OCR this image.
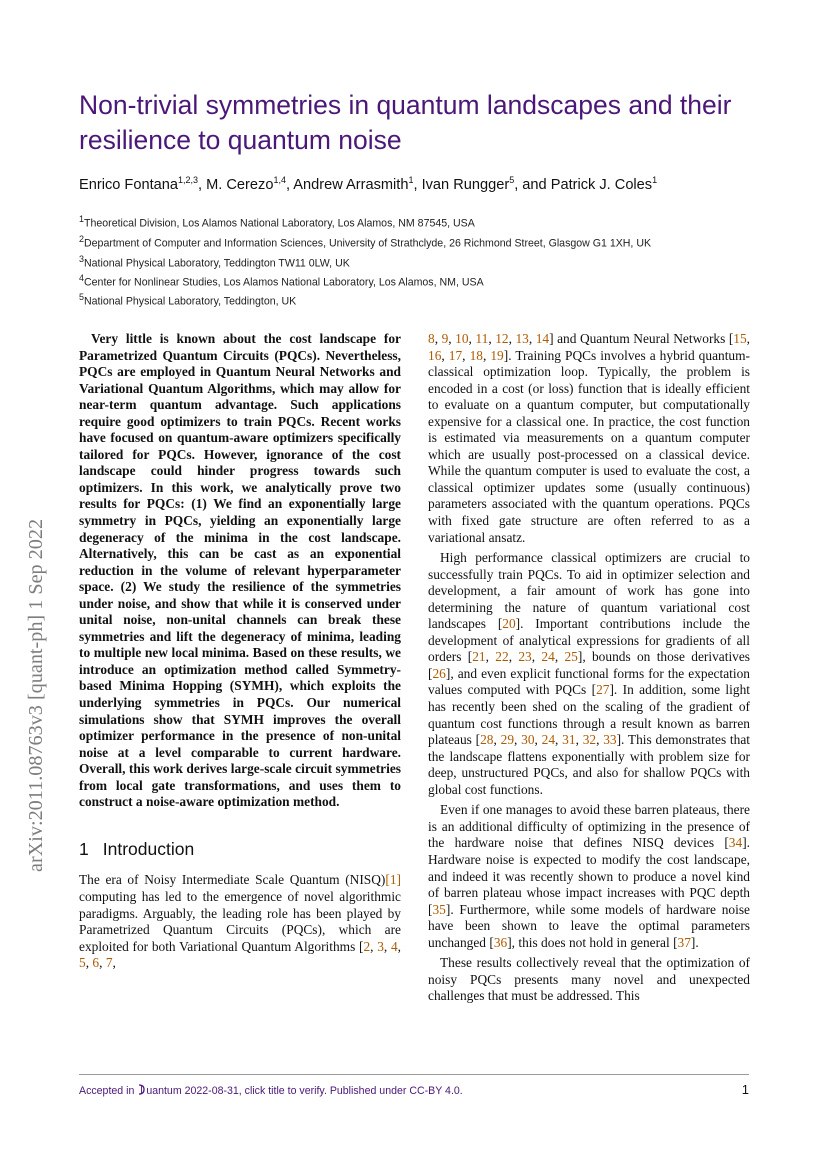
Non-trivial symmetries in quantum landscapes and their resilience to quantum noise
Enrico Fontana$^{1,2,3}$, M. Cerezo$^{1,4}$, Andrew Arrasmith$^1$, Ivan Rungger$^5$, and Patrick J. Coles$^1$
$^1$Theoretical Division, Los Alamos National Laboratory, Los Alamos, NM 87545, USA
$^2$Department of Computer and Information Sciences, University of Strathclyde, 26 Richmond Street, Glasgow G1 1XH, UK
$^3$National Physical Laboratory, Teddington TW11 0LW, UK
$^4$Center for Nonlinear Studies, Los Alamos National Laboratory, Los Alamos, NM, USA
$^5$National Physical Laboratory, Teddington, UK
arXiv:2011.08763v3 [quant-ph] 1 Sep 2022

Very little is known about the cost landscape for Parametrized Quantum Circuits (PQCs). Nevertheless, PQCs are employed in Quantum Neural Networks and Variational Quantum Algorithms, which may allow for near-term quantum advantage. Such applications require good optimizers to train PQCs. Recent works have focused on quantum-aware optimizers specifically tailored for PQCs. However, ignorance of the cost landscape could hinder progress towards such optimizers. In this work, we analytically prove two results for PQCs: (1) We find an exponentially large symmetry in PQCs, yielding an exponentially large degeneracy of the minima in the cost landscape. Alternatively, this can be cast as an exponential reduction in the volume of relevant hyperparameter space. (2) We study the resilience of the symmetries under noise, and show that while it is conserved under unital noise, non-unital channels can break these symmetries and lift the degeneracy of minima, leading to multiple new local minima. Based on these results, we introduce an optimization method called Symmetry-based Minima Hopping (SYMH), which exploits the underlying symmetries in PQCs. Our numerical simulations show that SYMH improves the overall optimizer performance in the presence of non-unital noise at a level comparable to current hardware. Overall, this work derives large-scale circuit symmetries from local gate transformations, and uses them to construct a noise-aware optimization method.

1 Introduction

The era of Noisy Intermediate Scale Quantum (NISQ)[1] computing has led to the emergence of novel algorithmic paradigms. Arguably, the leading role has been played by Parametrized Quantum Circuits (PQCs), which are exploited for both Variational Quantum Algorithms [2, 3, 4, 5, 6, 7,

8, 9, 10, 11, 12, 13, 14] and Quantum Neural Networks [15, 16, 17, 18, 19]. Training PQCs involves a hybrid quantum-classical optimization loop. Typically, the problem is encoded in a cost (or loss) function that is ideally efficient to evaluate on a quantum computer, but computationally expensive for a classical one. In practice, the cost function is estimated via measurements on a quantum computer which are usually post-processed on a classical device. While the quantum computer is used to evaluate the cost, a classical optimizer updates some (usually continuous) parameters associated with the quantum operations. PQCs with fixed gate structure are often referred to as a variational ansatz.

High performance classical optimizers are crucial to successfully train PQCs. To aid in optimizer selection and development, a fair amount of work has gone into determining the nature of quantum variational cost landscapes [20]. Important contributions include the development of analytical expressions for gradients of all orders [21, 22, 23, 24, 25], bounds on those derivatives [26], and even explicit functional forms for the expectation values computed with PQCs [27]. In addition, some light has recently been shed on the scaling of the gradient of quantum cost functions through a result known as barren plateaus [28, 29, 30, 24, 31, 32, 33]. This demonstrates that the landscape flattens exponentially with problem size for deep, unstructured PQCs, and also for shallow PQCs with global cost functions.

Even if one manages to avoid these barren plateaus, there is an additional difficulty of optimizing in the presence of the hardware noise that defines NISQ devices [34]. Hardware noise is expected to modify the cost landscape, and indeed it was recently shown to produce a novel kind of barren plateau whose impact increases with PQC depth [35]. Furthermore, while some models of hardware noise have been shown to leave the optimal parameters unchanged [36], this does not hold in general [37].

These results collectively reveal that the optimization of noisy PQCs presents many novel and unexpected challenges that must be addressed. This

Accepted in uantum 2022-08-31, click title to verify. Published under CC-BY 4.0.	1
